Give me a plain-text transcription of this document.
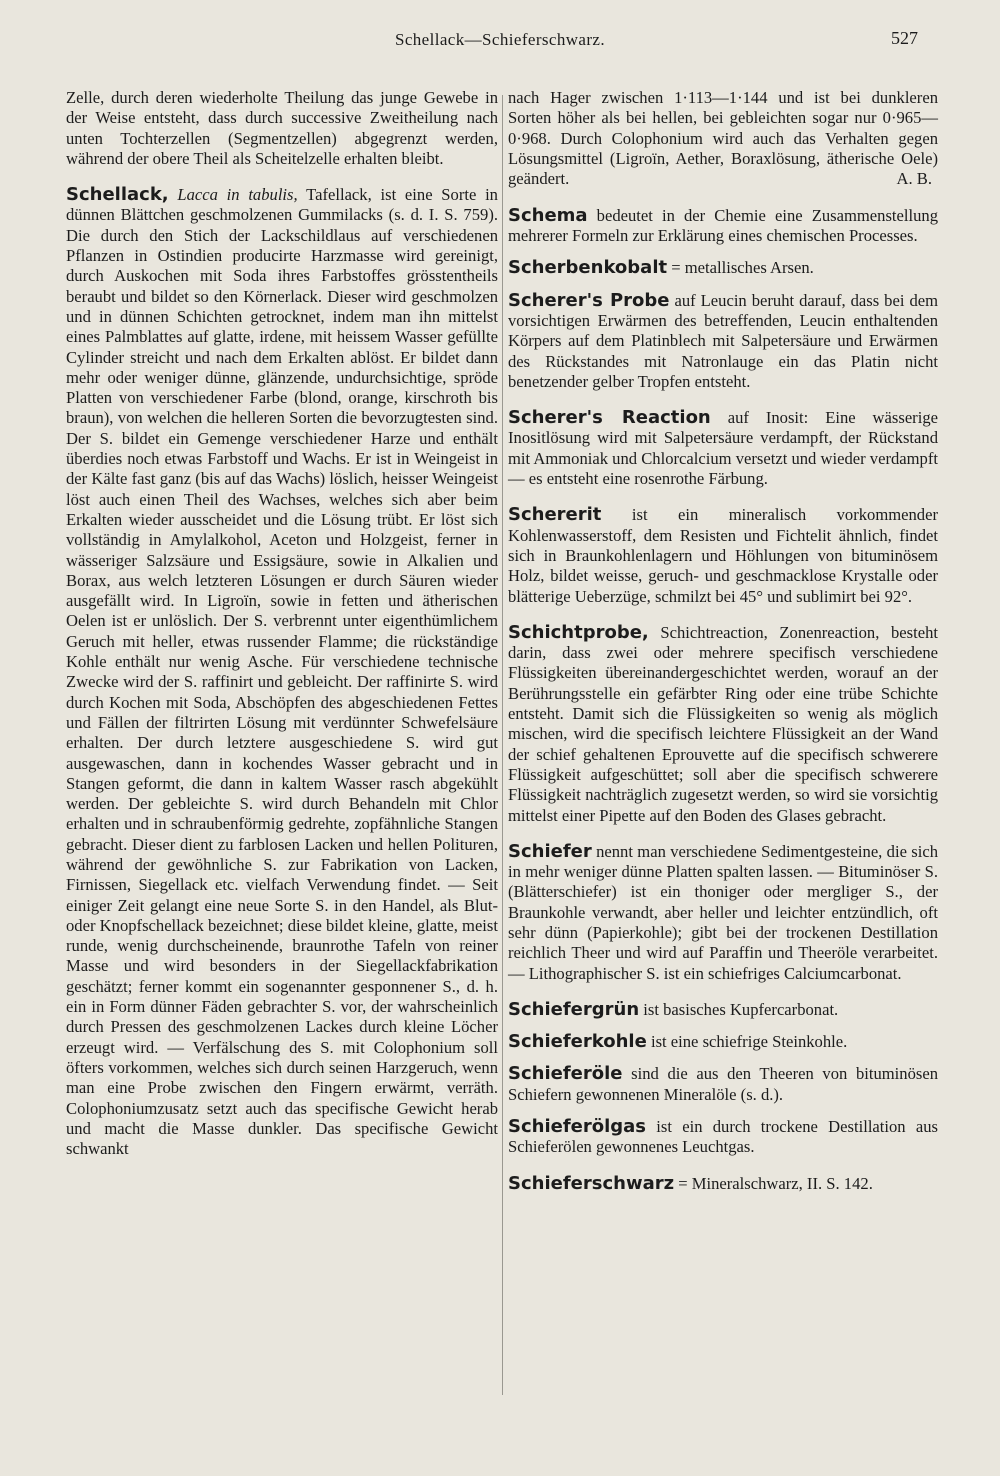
Schellack—Schieferschwarz.	527

Zelle, durch deren wiederholte Theilung das junge Gewebe in der Weise entsteht, dass durch successive Zweitheilung nach unten Tochterzellen (Segmentzellen) abgegrenzt werden, während der obere Theil als Scheitelzelle erhalten bleibt.

Schellack, Lacca in tabulis, Tafellack, ist eine Sorte in dünnen Blättchen geschmolzenen Gummilacks (s. d. I. S. 759). Die durch den Stich der Lackschildlaus auf verschiedenen Pflanzen in Ostindien producirte Harzmasse wird gereinigt, durch Auskochen mit Soda ihres Farbstoffes grösstentheils beraubt und bildet so den Körnerlack. Dieser wird geschmolzen und in dünnen Schichten getrocknet, indem man ihn mittelst eines Palmblattes auf glatte, irdene, mit heissem Wasser gefüllte Cylinder streicht und nach dem Erkalten ablöst. Er bildet dann mehr oder weniger dünne, glänzende, undurchsichtige, spröde Platten von verschiedener Farbe (blond, orange, kirschroth bis braun), von welchen die helleren Sorten die bevorzugtesten sind. Der S. bildet ein Gemenge verschiedener Harze und enthält überdies noch etwas Farbstoff und Wachs. Er ist in Weingeist in der Kälte fast ganz (bis auf das Wachs) löslich, heisser Weingeist löst auch einen Theil des Wachses, welches sich aber beim Erkalten wieder ausscheidet und die Lösung trübt. Er löst sich vollständig in Amylalkohol, Aceton und Holzgeist, ferner in wässeriger Salzsäure und Essigsäure, sowie in Alkalien und Borax, aus welch letzteren Lösungen er durch Säuren wieder ausgefällt wird. In Ligroïn, sowie in fetten und ätherischen Oelen ist er unlöslich. Der S. verbrennt unter eigenthümlichem Geruch mit heller, etwas russender Flamme; die rückständige Kohle enthält nur wenig Asche. Für verschiedene technische Zwecke wird der S. raffinirt und gebleicht. Der raffinirte S. wird durch Kochen mit Soda, Abschöpfen des abgeschiedenen Fettes und Fällen der filtrirten Lösung mit verdünnter Schwefelsäure erhalten. Der durch letztere ausgeschiedene S. wird gut ausgewaschen, dann in kochendes Wasser gebracht und in Stangen geformt, die dann in kaltem Wasser rasch abgekühlt werden. Der gebleichte S. wird durch Behandeln mit Chlor erhalten und in schraubenförmig gedrehte, zopfähnliche Stangen gebracht. Dieser dient zu farblosen Lacken und hellen Polituren, während der gewöhnliche S. zur Fabrikation von Lacken, Firnissen, Siegellack etc. vielfach Verwendung findet. — Seit einiger Zeit gelangt eine neue Sorte S. in den Handel, als Blut- oder Knopfschellack bezeichnet; diese bildet kleine, glatte, meist runde, wenig durchscheinende, braunrothe Tafeln von reiner Masse und wird besonders in der Siegellackfabrikation geschätzt; ferner kommt ein sogenannter gesponnener S., d. h. ein in Form dünner Fäden gebrachter S. vor, der wahrscheinlich durch Pressen des geschmolzenen Lackes durch kleine Löcher erzeugt wird. — Verfälschung des S. mit Colophonium soll öfters vorkommen, welches sich durch seinen Harzgeruch, wenn man eine Probe zwischen den Fingern erwärmt, verräth. Colophoniumzusatz setzt auch das specifische Gewicht herab und macht die Masse dunkler. Das specifische Gewicht schwankt

nach Hager zwischen 1·113—1·144 und ist bei dunkleren Sorten höher als bei hellen, bei gebleichten sogar nur 0·965—0·968. Durch Colophonium wird auch das Verhalten gegen Lösungsmittel (Ligroïn, Aether, Boraxlösung, ätherische Oele) geändert.	A. B.

Schema bedeutet in der Chemie eine Zusammenstellung mehrerer Formeln zur Erklärung eines chemischen Processes.

Scherbenkobalt = metallisches Arsen.

Scherer's Probe auf Leucin beruht darauf, dass bei dem vorsichtigen Erwärmen des betreffenden, Leucin enthaltenden Körpers auf dem Platinblech mit Salpetersäure und Erwärmen des Rückstandes mit Natronlauge ein das Platin nicht benetzender gelber Tropfen entsteht.

Scherer's Reaction auf Inosit: Eine wässerige Inositlösung wird mit Salpetersäure verdampft, der Rückstand mit Ammoniak und Chlorcalcium versetzt und wieder verdampft — es entsteht eine rosenrothe Färbung.

Schererit ist ein mineralisch vorkommender Kohlenwasserstoff, dem Resisten und Fichtelit ähnlich, findet sich in Braunkohlenlagern und Höhlungen von bituminösem Holz, bildet weisse, geruch- und geschmacklose Krystalle oder blätterige Ueberzüge, schmilzt bei 45° und sublimirt bei 92°.

Schichtprobe, Schichtreaction, Zonenreaction, besteht darin, dass zwei oder mehrere specifisch verschiedene Flüssigkeiten übereinandergeschichtet werden, worauf an der Berührungsstelle ein gefärbter Ring oder eine trübe Schichte entsteht. Damit sich die Flüssigkeiten so wenig als möglich mischen, wird die specifisch leichtere Flüssigkeit an der Wand der schief gehaltenen Eprouvette auf die specifisch schwerere Flüssigkeit aufgeschüttet; soll aber die specifisch schwerere Flüssigkeit nachträglich zugesetzt werden, so wird sie vorsichtig mittelst einer Pipette auf den Boden des Glases gebracht.

Schiefer nennt man verschiedene Sedimentgesteine, die sich in mehr weniger dünne Platten spalten lassen. — Bituminöser S. (Blätterschiefer) ist ein thoniger oder mergliger S., der Braunkohle verwandt, aber heller und leichter entzündlich, oft sehr dünn (Papierkohle); gibt bei der trockenen Destillation reichlich Theer und wird auf Paraffin und Theeröle verarbeitet. — Lithographischer S. ist ein schiefriges Calciumcarbonat.

Schiefergrün ist basisches Kupfercarbonat.

Schieferkohle ist eine schiefrige Steinkohle.

Schieferöle sind die aus den Theeren von bituminösen Schiefern gewonnenen Mineralöle (s. d.).

Schieferölgas ist ein durch trockene Destillation aus Schieferölen gewonnenes Leuchtgas.

Schieferschwarz = Mineralschwarz, II. S. 142.
